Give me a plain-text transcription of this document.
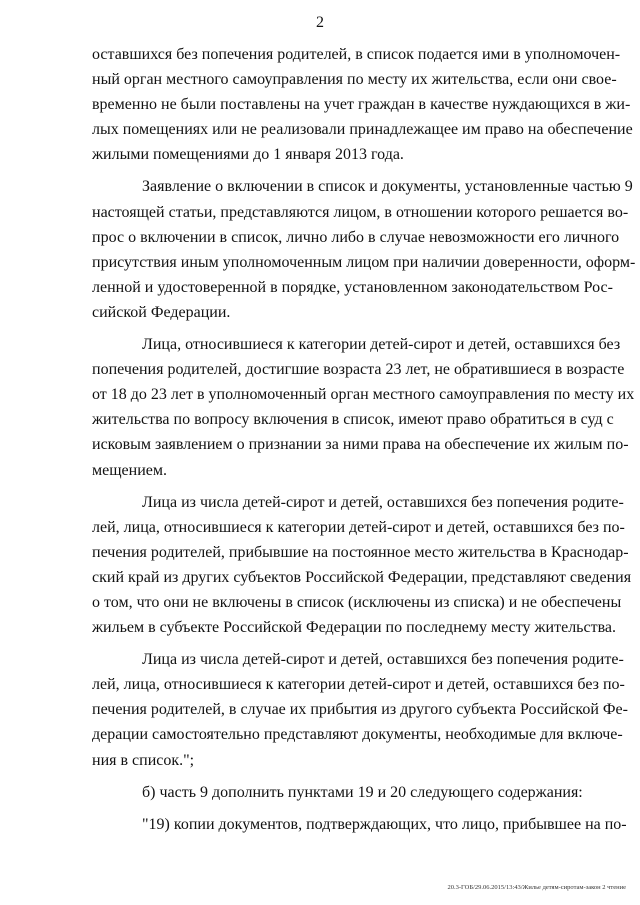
2
оставшихся без попечения родителей, в список подается ими в уполномочен-
ный орган местного самоуправления по месту их жительства, если они свое-
временно не были поставлены на учет граждан в качестве нуждающихся в жи-
лых помещениях или не реализовали принадлежащее им право на обеспечение
жилыми помещениями до 1 января 2013 года.
Заявление о включении в список и документы, установленные частью 9
настоящей статьи, представляются лицом, в отношении которого решается во-
прос о включении в список, лично либо в случае невозможности его личного
присутствия иным уполномоченным лицом при наличии доверенности, оформ-
ленной и удостоверенной в порядке, установленном законодательством Рос-
сийской Федерации.
Лица, относившиеся к категории детей-сирот и детей, оставшихся без
попечения родителей, достигшие возраста 23 лет, не обратившиеся в возрасте
от 18 до 23 лет в уполномоченный орган местного самоуправления по месту их
жительства по вопросу включения в список, имеют право обратиться в суд с
исковым заявлением о признании за ними права на обеспечение их жилым по-
мещением.
Лица из числа детей-сирот и детей, оставшихся без попечения родите-
лей, лица, относившиеся к категории детей-сирот и детей, оставшихся без по-
печения родителей, прибывшие на постоянное место жительства в Краснодар-
ский край из других субъектов Российской Федерации, представляют сведения
о том, что они не включены в список (исключены из списка) и не обеспечены
жильем в субъекте Российской Федерации по последнему месту жительства.
Лица из числа детей-сирот и детей, оставшихся без попечения родите-
лей, лица, относившиеся к категории детей-сирот и детей, оставшихся без по-
печения родителей, в случае их прибытия из другого субъекта Российской Фе-
дерации самостоятельно представляют документы, необходимые для включе-
ния в список.";
б) часть 9 дополнить пунктами 19 и 20 следующего содержания:
"19) копии документов, подтверждающих, что лицо, прибывшее на по-
20.3-ГОБ/29.06.2015/13:43/Жилье детям-сиротам-закон 2 чтение
